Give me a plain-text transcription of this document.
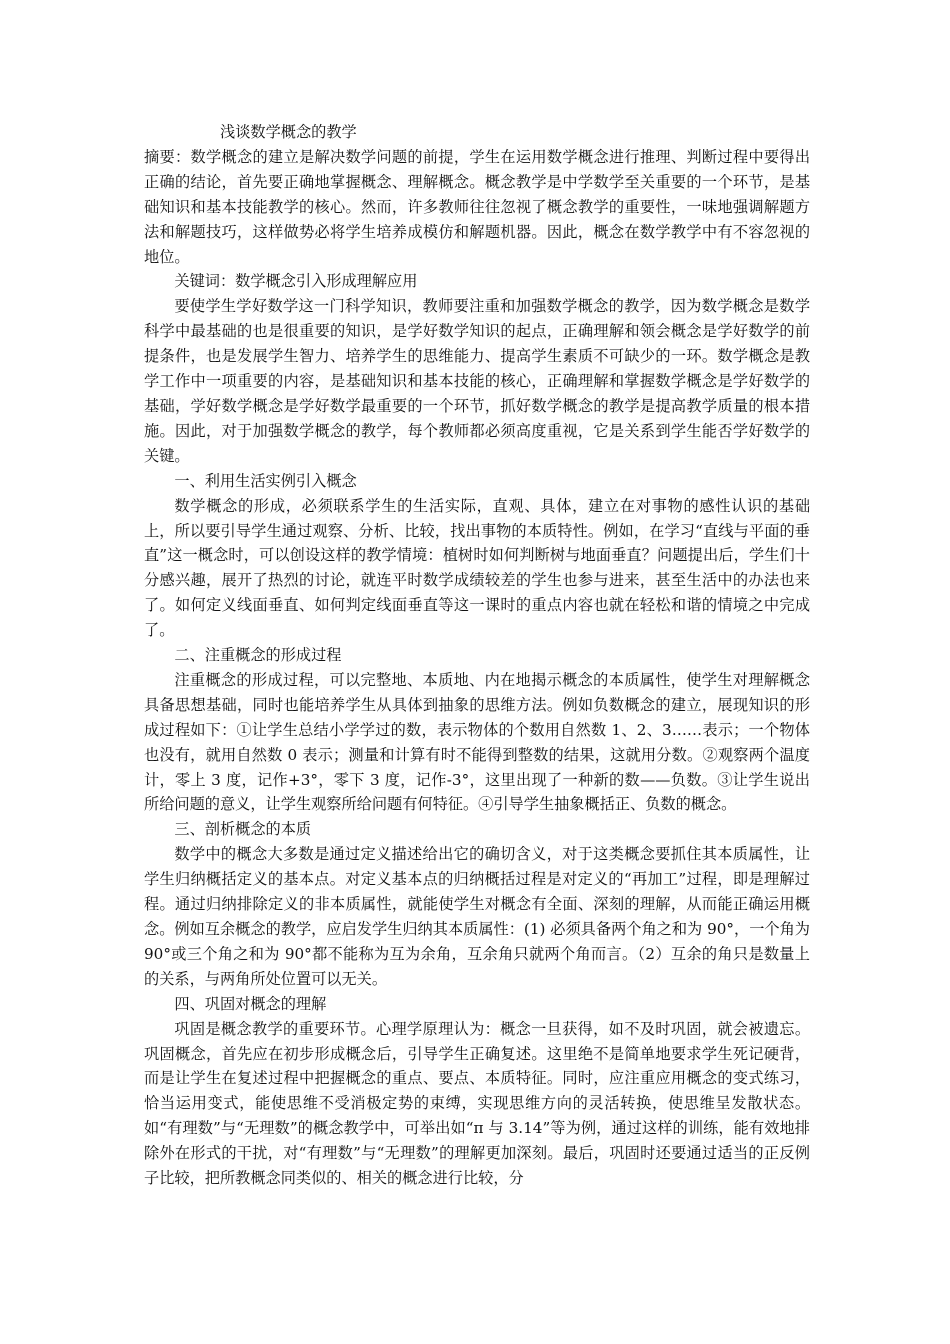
浅谈数学概念的教学

摘要：数学概念的建立是解决数学问题的前提，学生在运用数学概念进行推理、判断过程中要得出正确的结论，首先要正确地掌握概念、理解概念。概念教学是中学数学至关重要的一个环节，是基础知识和基本技能教学的核心。然而，许多教师往往忽视了概念教学的重要性，一味地强调解题方法和解题技巧，这样做势必将学生培养成模仿和解题机器。因此，概念在数学教学中有不容忽视的地位。

关键词：数学概念引入形成理解应用

要使学生学好数学这一门科学知识，教师要注重和加强数学概念的教学，因为数学概念是数学科学中最基础的也是很重要的知识，是学好数学知识的起点，正确理解和领会概念是学好数学的前提条件，也是发展学生智力、培养学生的思维能力、提高学生素质不可缺少的一环。数学概念是教学工作中一项重要的内容，是基础知识和基本技能的核心，正确理解和掌握数学概念是学好数学的基础，学好数学概念是学好数学最重要的一个环节，抓好数学概念的教学是提高教学质量的根本措施。因此，对于加强数学概念的教学，每个教师都必须高度重视，它是关系到学生能否学好数学的关键。

一、利用生活实例引入概念

数学概念的形成，必须联系学生的生活实际，直观、具体，建立在对事物的感性认识的基础上，所以要引导学生通过观察、分析、比较，找出事物的本质特性。例如，在学习“直线与平面的垂直”这一概念时，可以创设这样的教学情境：植树时如何判断树与地面垂直？问题提出后，学生们十分感兴趣，展开了热烈的讨论，就连平时数学成绩较差的学生也参与进来，甚至生活中的办法也来了。如何定义线面垂直、如何判定线面垂直等这一课时的重点内容也就在轻松和谐的情境之中完成了。

二、注重概念的形成过程

注重概念的形成过程，可以完整地、本质地、内在地揭示概念的本质属性，使学生对理解概念具备思想基础，同时也能培养学生从具体到抽象的思维方法。例如负数概念的建立，展现知识的形成过程如下：①让学生总结小学学过的数，表示物体的个数用自然数 1、2、3……表示；一个物体也没有，就用自然数 0 表示；测量和计算有时不能得到整数的结果，这就用分数。②观察两个温度计，零上 3 度，记作+3°，零下 3 度，记作-3°，这里出现了一种新的数——负数。③让学生说出所给问题的意义，让学生观察所给问题有何特征。④引导学生抽象概括正、负数的概念。

三、剖析概念的本质

数学中的概念大多数是通过定义描述给出它的确切含义，对于这类概念要抓住其本质属性，让学生归纳概括定义的基本点。对定义基本点的归纳概括过程是对定义的“再加工”过程，即是理解过程。通过归纳排除定义的非本质属性，就能使学生对概念有全面、深刻的理解，从而能正确运用概念。例如互余概念的教学，应启发学生归纳其本质属性：(1) 必须具备两个角之和为 90°，一个角为 90°或三个角之和为 90°都不能称为互为余角，互余角只就两个角而言。（2）互余的角只是数量上的关系，与两角所处位置可以无关。

四、巩固对概念的理解

巩固是概念教学的重要环节。心理学原理认为：概念一旦获得，如不及时巩固，就会被遗忘。巩固概念，首先应在初步形成概念后，引导学生正确复述。这里绝不是简单地要求学生死记硬背，而是让学生在复述过程中把握概念的重点、要点、本质特征。同时，应注重应用概念的变式练习，恰当运用变式，能使思维不受消极定势的束缚，实现思维方向的灵活转换，使思维呈发散状态。如“有理数”与“无理数”的概念教学中，可举出如“π 与 3.14”等为例，通过这样的训练，能有效地排除外在形式的干扰，对“有理数”与“无理数”的理解更加深刻。最后，巩固时还要通过适当的正反例子比较，把所教概念同类似的、相关的概念进行比较，分
